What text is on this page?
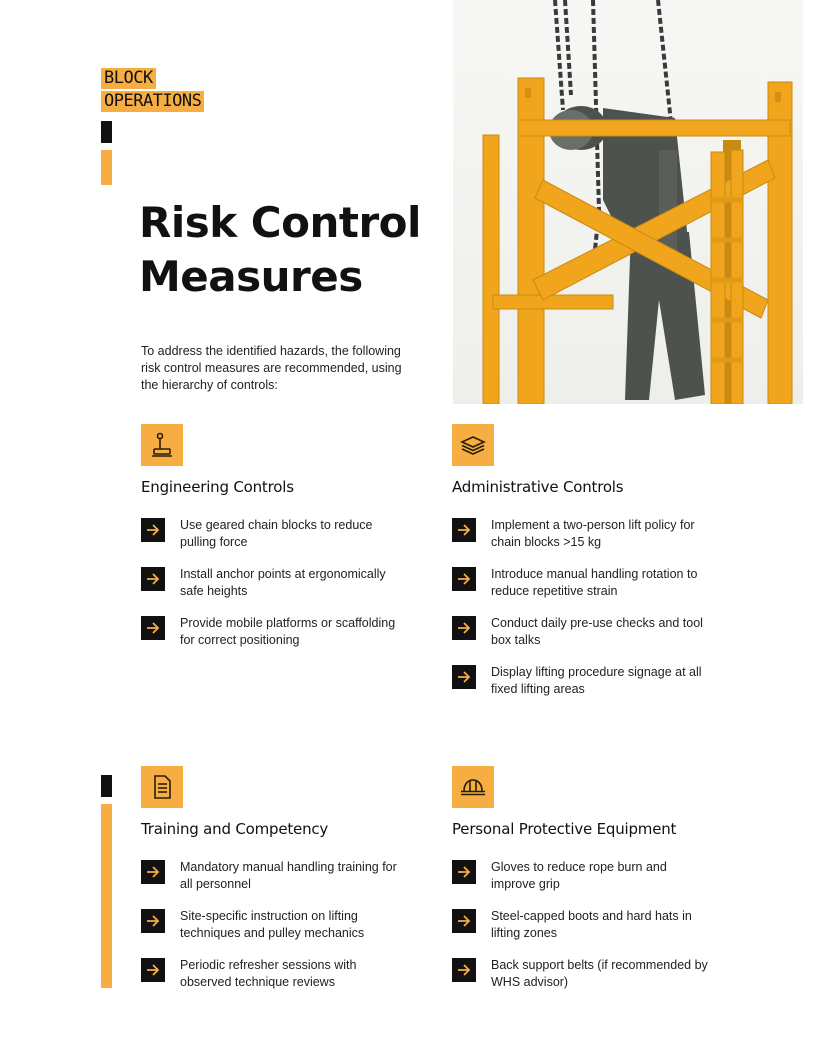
BLOCK
OPERATIONS
Risk Control
Measures

To address the identified hazards, the following risk control measures are recommended, using the hierarchy of controls:

Engineering Controls
Use geared chain blocks to reduce pulling force
Install anchor points at ergonomically safe heights
Provide mobile platforms or scaffolding for correct positioning
Administrative Controls
Implement a two-person lift policy for chain blocks >15 kg
Introduce manual handling rotation to reduce repetitive strain
Conduct daily pre-use checks and tool box talks
Display lifting procedure signage at all fixed lifting areas
Training and Competency
Mandatory manual handling training for all personnel
Site-specific instruction on lifting techniques and pulley mechanics
Periodic refresher sessions with observed technique reviews
Personal Protective Equipment
Gloves to reduce rope burn and improve grip
Steel-capped boots and hard hats in lifting zones
Back support belts (if recommended by WHS advisor)
